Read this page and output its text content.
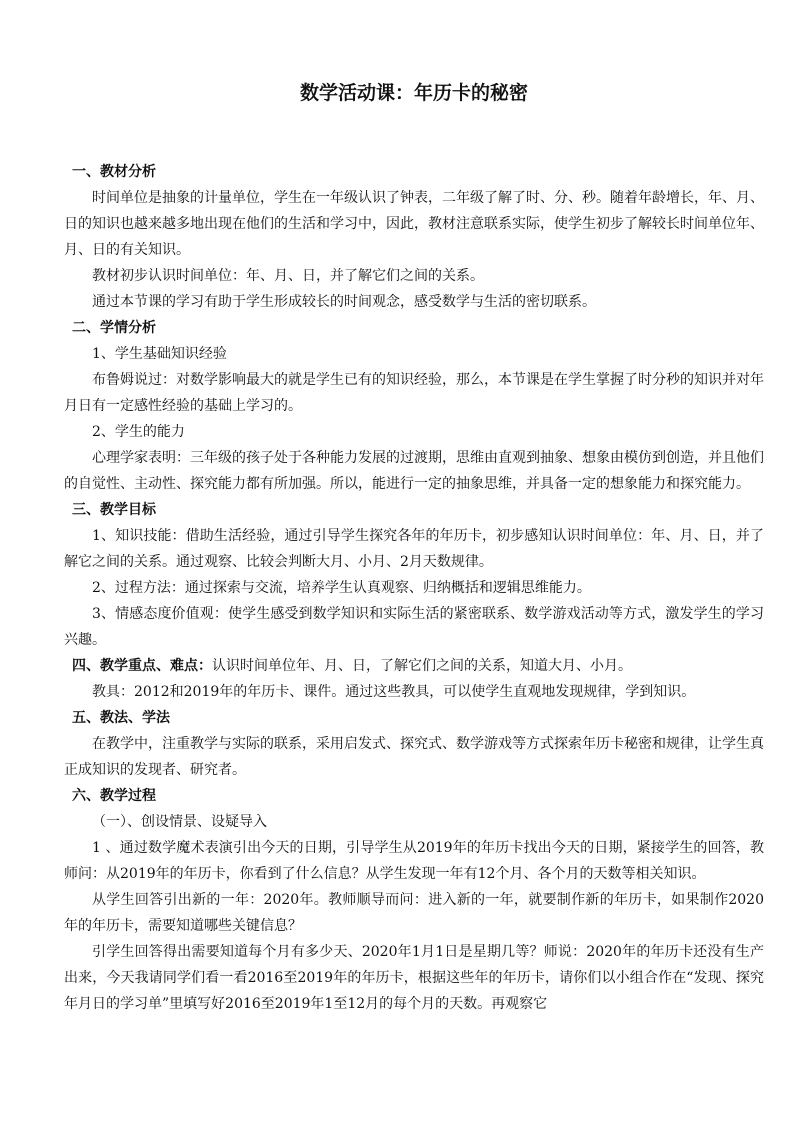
数学活动课：年历卡的秘密

一、教材分析

时间单位是抽象的计量单位，学生在一年级认识了钟表，二年级了解了时、分、秒。随着年龄增长，年、月、日的知识也越来越多地出现在他们的生活和学习中，因此，教材注意联系实际，使学生初步了解较长时间单位年、月、日的有关知识。

教材初步认识时间单位：年、月、日，并了解它们之间的关系。

通过本节课的学习有助于学生形成较长的时间观念，感受数学与生活的密切联系。

二、学情分析

1、学生基础知识经验

布鲁姆说过：对数学影响最大的就是学生已有的知识经验，那么，本节课是在学生掌握了时分秒的知识并对年月日有一定感性经验的基础上学习的。

2、学生的能力

心理学家表明：三年级的孩子处于各种能力发展的过渡期，思维由直观到抽象、想象由模仿到创造，并且他们的自觉性、主动性、探究能力都有所加强。所以，能进行一定的抽象思维，并具备一定的想象能力和探究能力。

三、教学目标

1、知识技能：借助生活经验，通过引导学生探究各年的年历卡，初步感知认识时间单位：年、月、日，并了解它之间的关系。通过观察、比较会判断大月、小月、2月天数规律。

2、过程方法：通过探索与交流，培养学生认真观察、归纳概括和逻辑思维能力。

3、情感态度价值观：使学生感受到数学知识和实际生活的紧密联系、数学游戏活动等方式，激发学生的学习兴趣。

四、教学重点、难点：认识时间单位年、月、日，了解它们之间的关系，知道大月、小月。

教具：2012和2019年的年历卡、课件。通过这些教具，可以使学生直观地发现规律，学到知识。

五、教法、学法

在教学中，注重教学与实际的联系，采用启发式、探究式、数学游戏等方式探索年历卡秘密和规律，让学生真正成知识的发现者、研究者。

六、教学过程

（一）、创设情景、设疑导入

1 、通过数学魔术表演引出今天的日期，引导学生从2019年的年历卡找出今天的日期，紧接学生的回答，教师问：从2019年的年历卡，你看到了什么信息？从学生发现一年有12个月、各个月的天数等相关知识。

从学生回答引出新的一年：2020年。教师顺导而问：进入新的一年，就要制作新的年历卡，如果制作2020年的年历卡，需要知道哪些关键信息？

引学生回答得出需要知道每个月有多少天、2020年1月1日是星期几等？师说：2020年的年历卡还没有生产出来，今天我请同学们看一看2016至2019年的年历卡，根据这些年的年历卡，请你们以小组合作在“发现、探究年月日的学习单”里填写好2016至2019年1至12月的每个月的天数。再观察它
